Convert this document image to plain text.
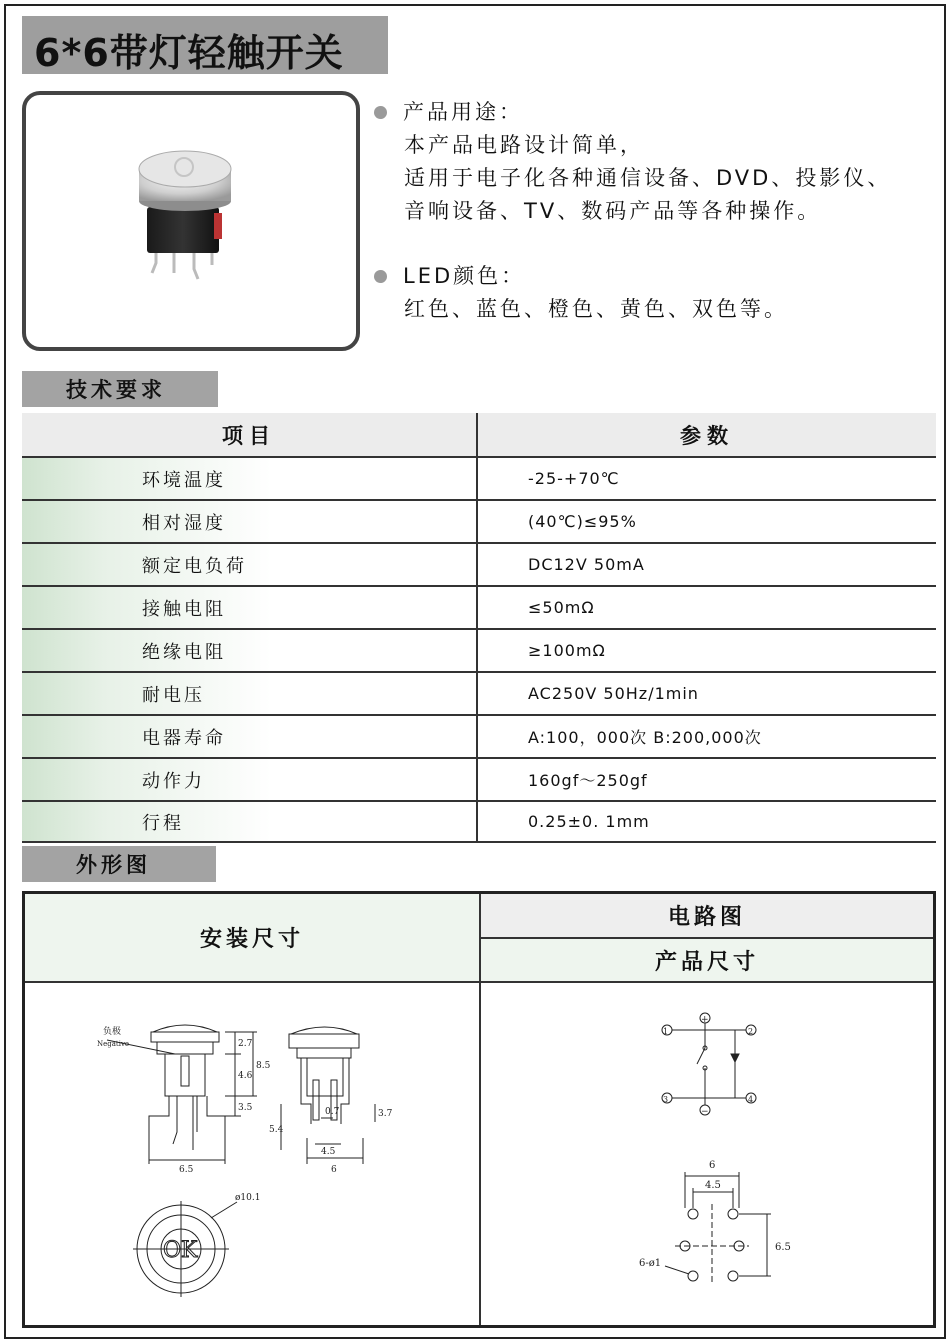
6*6带灯轻触开关
产品用途：
本产品电路设计简单，
适用于电子化各种通信设备、DVD、投影仪、
音响设备、TV、数码产品等各种操作。
LED颜色：
红色、蓝色、橙色、黄色、双色等。
技术要求
项目	参数
环境温度	-25-+70℃
相对湿度	(40℃)≤95%
额定电负荷	DC12V 50mA
接触电阻	≤50mΩ
绝缘电阻	≥100mΩ
耐电压	AC250V 50Hz/1min
电器寿命	A:100，000次 B:200,000次
动作力	160gf～250gf
行程	0.25±0. 1mm
外形图
安装尺寸
电路图
产品尺寸
负极
Negative	2.7
8.5
4.6
3.5
6.5
5.4
0.7	3.7
4.5
6
ø10.1
OK
1	2
3	4
+
−
6
4.5
6.5
6-ø1
